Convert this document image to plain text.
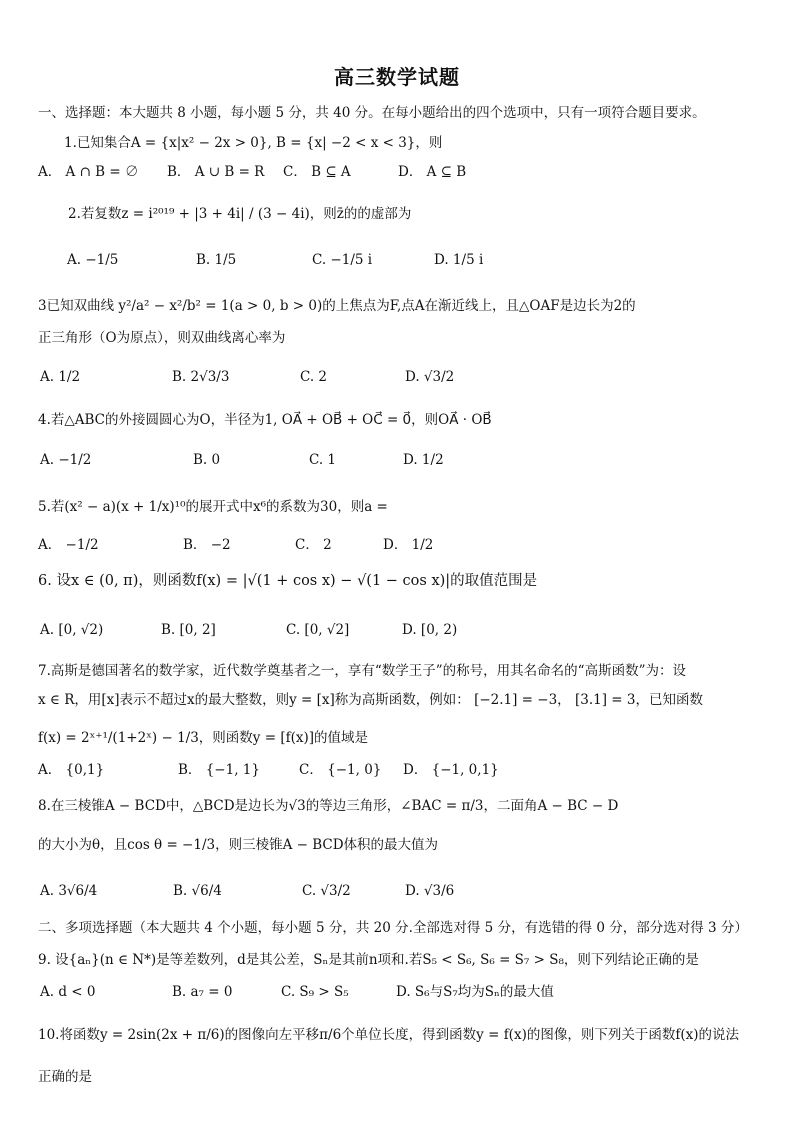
高三数学试题
一、选择题：本大题共 8 小题，每小题 5 分，共 40 分。在每小题给出的四个选项中，只有一项符合题目要求。
1.已知集合A = {x|x² − 2x > 0}, B = {x| −2 < x < 3}，则
A． A ∩ B = ∅ B． A ∪ B = R C． B ⊆ A	D． A ⊆ B
2.若复数z = i²⁰¹⁹ + |3 + 4i| / (3 − 4i)，则z̄的的虚部为
A. −1/5	B. 1/5	C. −1/5 i	D. 1/5 i
3已知双曲线 y²/a² − x²/b² = 1(a > 0, b > 0)的上焦点为F,点A在渐近线上，且△OAF是边长为2的
正三角形（O为原点），则双曲线离心率为
A. 1/2	B. 2√3/3	C. 2	D. √3/2
4.若△ABC的外接圆圆心为O，半径为1, OA⃗ + OB⃗ + OC⃗ = 0⃗，则OA⃗ · OB⃗
A. −1/2	B. 0	C. 1	D. 1/2
5.若(x² − a)(x + 1/x)¹⁰的展开式中x⁶的系数为30，则a =
A． −1/2	B． −2	C． 2	D． 1/2
6. 设x ∈ (0, π)，则函数f(x) = |√(1 + cos x) − √(1 − cos x)|的取值范围是
A. [0, √2)	B. [0, 2]	C. [0, √2]	D. [0, 2)
7.高斯是德国著名的数学家，近代数学奠基者之一，享有“数学王子”的称号，用其名命名的“高斯函数”为：设
x ∈ R，用[x]表示不超过x的最大整数，则y = [x]称为高斯函数，例如： [−2.1] = −3， [3.1] = 3，已知函数
f(x) = 2ˣ⁺¹/(1+2ˣ) − 1/3，则函数y = [f(x)]的值域是
A． {0,1}	B． {−1, 1}	C． {−1, 0} D． {−1, 0,1}
8.在三棱锥A − BCD中，△BCD是边长为√3的等边三角形，∠BAC = π/3，二面角A − BC − D
的大小为θ，且cos θ = −1/3，则三棱锥A − BCD体积的最大值为
A. 3√6/4	B. √6/4	C. √3/2	D. √3/6
二、多项选择题（本大题共 4 个小题，每小题 5 分，共 20 分.全部选对得 5 分，有选错的得 0 分，部分选对得 3 分）
9. 设{aₙ}(n ∈ N*)是等差数列，d是其公差，Sₙ是其前n项和.若S₅ < S₆, S₆ = S₇ > S₈，则下列结论正确的是
A. d < 0	B. a₇ = 0	C. S₉ > S₅	D. S₆与S₇均为Sₙ的最大值
10.将函数y = 2sin(2x + π/6)的图像向左平移π/6个单位长度，得到函数y = f(x)的图像，则下列关于函数f(x)的说法
正确的是
